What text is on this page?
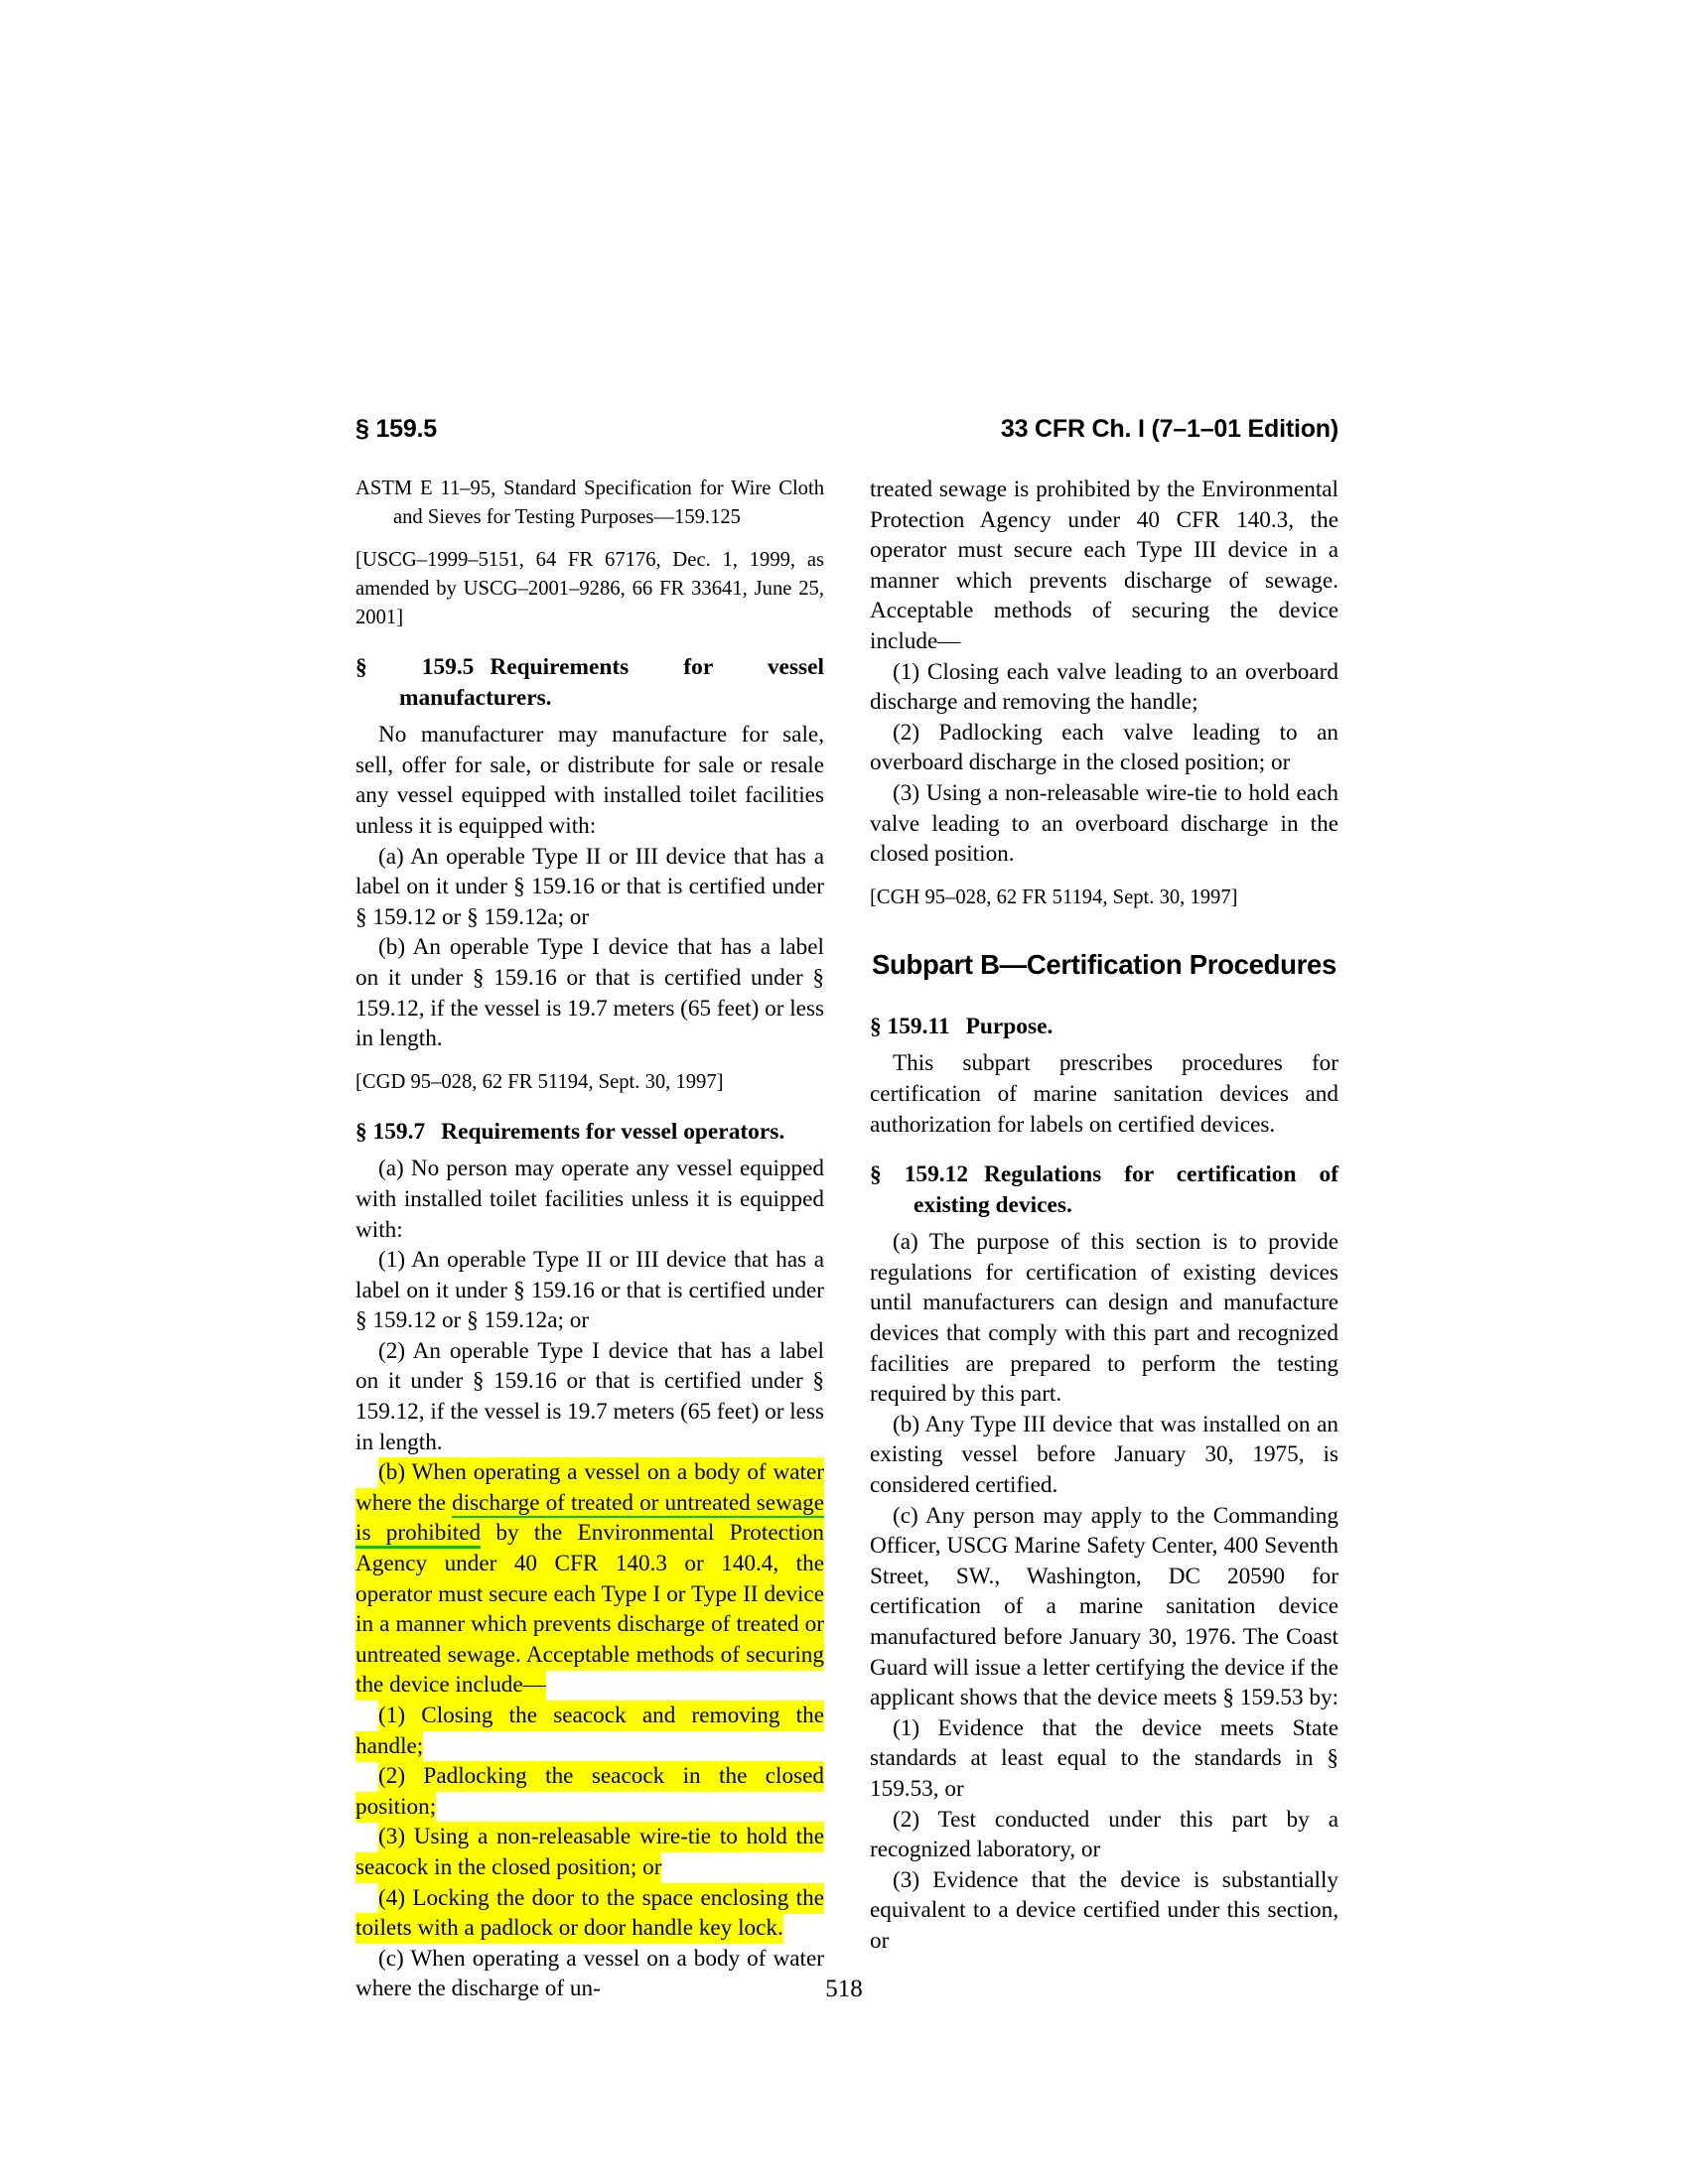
§ 159.5	33 CFR Ch. I (7–1–01 Edition)

ASTM E 11–95, Standard Specification for Wire Cloth and Sieves for Testing Purposes—159.125

[USCG–1999–5151, 64 FR 67176, Dec. 1, 1999, as amended by USCG–2001–9286, 66 FR 33641, June 25, 2001]

§ 159.5 Requirements for vessel manufacturers.

No manufacturer may manufacture for sale, sell, offer for sale, or distribute for sale or resale any vessel equipped with installed toilet facilities unless it is equipped with:

(a) An operable Type II or III device that has a label on it under § 159.16 or that is certified under § 159.12 or § 159.12a; or

(b) An operable Type I device that has a label on it under § 159.16 or that is certified under § 159.12, if the vessel is 19.7 meters (65 feet) or less in length.

[CGD 95–028, 62 FR 51194, Sept. 30, 1997]

§ 159.7 Requirements for vessel operators.

(a) No person may operate any vessel equipped with installed toilet facilities unless it is equipped with:

(1) An operable Type II or III device that has a label on it under § 159.16 or that is certified under § 159.12 or § 159.12a; or

(2) An operable Type I device that has a label on it under § 159.16 or that is certified under § 159.12, if the vessel is 19.7 meters (65 feet) or less in length.

(b) When operating a vessel on a body of water where the discharge of treated or untreated sewage is prohibited by the Environmental Protection Agency under 40 CFR 140.3 or 140.4, the operator must secure each Type I or Type II device in a manner which prevents discharge of treated or untreated sewage. Acceptable methods of securing the device include—

(1) Closing the seacock and removing the handle;

(2) Padlocking the seacock in the closed position;

(3) Using a non-releasable wire-tie to hold the seacock in the closed position; or

(4) Locking the door to the space enclosing the toilets with a padlock or door handle key lock.

(c) When operating a vessel on a body of water where the discharge of un-

treated sewage is prohibited by the Environmental Protection Agency under 40 CFR 140.3, the operator must secure each Type III device in a manner which prevents discharge of sewage. Acceptable methods of securing the device include—

(1) Closing each valve leading to an overboard discharge and removing the handle;

(2) Padlocking each valve leading to an overboard discharge in the closed position; or

(3) Using a non-releasable wire-tie to hold each valve leading to an overboard discharge in the closed position.

[CGH 95–028, 62 FR 51194, Sept. 30, 1997]

Subpart B—Certification Procedures

§ 159.11 Purpose.

This subpart prescribes procedures for certification of marine sanitation devices and authorization for labels on certified devices.

§ 159.12 Regulations for certification of existing devices.

(a) The purpose of this section is to provide regulations for certification of existing devices until manufacturers can design and manufacture devices that comply with this part and recognized facilities are prepared to perform the testing required by this part.

(b) Any Type III device that was installed on an existing vessel before January 30, 1975, is considered certified.

(c) Any person may apply to the Commanding Officer, USCG Marine Safety Center, 400 Seventh Street, SW., Washington, DC 20590 for certification of a marine sanitation device manufactured before January 30, 1976. The Coast Guard will issue a letter certifying the device if the applicant shows that the device meets § 159.53 by:

(1) Evidence that the device meets State standards at least equal to the standards in § 159.53, or

(2) Test conducted under this part by a recognized laboratory, or

(3) Evidence that the device is substantially equivalent to a device certified under this section, or

518
